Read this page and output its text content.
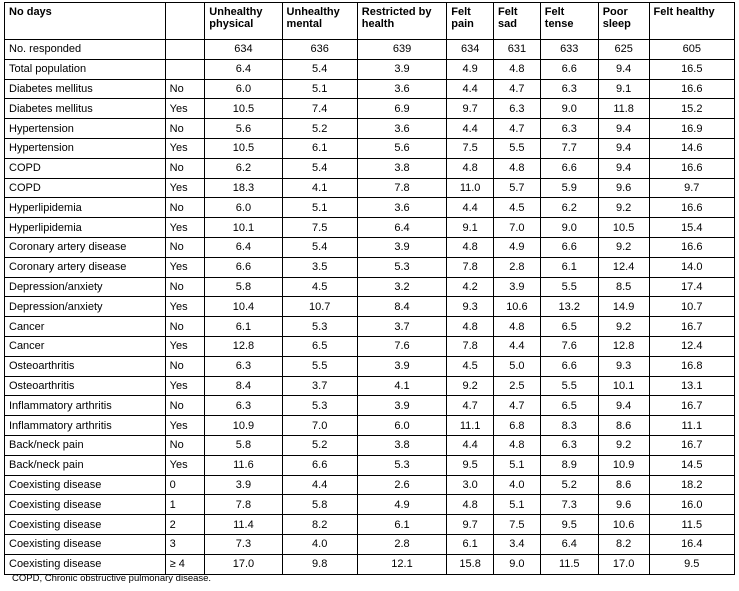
No days		Unhealthy physical	Unhealthy mental	Restricted by health	Felt pain	Felt sad	Felt tense	Poor sleep	Felt healthy
No. responded		634	636	639	634	631	633	625	605
Total population		6.4	5.4	3.9	4.9	4.8	6.6	9.4	16.5
Diabetes mellitus	No	6.0	5.1	3.6	4.4	4.7	6.3	9.1	16.6
Diabetes mellitus	Yes	10.5	7.4	6.9	9.7	6.3	9.0	11.8	15.2
Hypertension	No	5.6	5.2	3.6	4.4	4.7	6.3	9.4	16.9
Hypertension	Yes	10.5	6.1	5.6	7.5	5.5	7.7	9.4	14.6
COPD	No	6.2	5.4	3.8	4.8	4.8	6.6	9.4	16.6
COPD	Yes	18.3	4.1	7.8	11.0	5.7	5.9	9.6	9.7
Hyperlipidemia	No	6.0	5.1	3.6	4.4	4.5	6.2	9.2	16.6
Hyperlipidemia	Yes	10.1	7.5	6.4	9.1	7.0	9.0	10.5	15.4
Coronary artery disease	No	6.4	5.4	3.9	4.8	4.9	6.6	9.2	16.6
Coronary artery disease	Yes	6.6	3.5	5.3	7.8	2.8	6.1	12.4	14.0
Depression/anxiety	No	5.8	4.5	3.2	4.2	3.9	5.5	8.5	17.4
Depression/anxiety	Yes	10.4	10.7	8.4	9.3	10.6	13.2	14.9	10.7
Cancer	No	6.1	5.3	3.7	4.8	4.8	6.5	9.2	16.7
Cancer	Yes	12.8	6.5	7.6	7.8	4.4	7.6	12.8	12.4
Osteoarthritis	No	6.3	5.5	3.9	4.5	5.0	6.6	9.3	16.8
Osteoarthritis	Yes	8.4	3.7	4.1	9.2	2.5	5.5	10.1	13.1
Inflammatory arthritis	No	6.3	5.3	3.9	4.7	4.7	6.5	9.4	16.7
Inflammatory arthritis	Yes	10.9	7.0	6.0	11.1	6.8	8.3	8.6	11.1
Back/neck pain	No	5.8	5.2	3.8	4.4	4.8	6.3	9.2	16.7
Back/neck pain	Yes	11.6	6.6	5.3	9.5	5.1	8.9	10.9	14.5
Coexisting disease	0	3.9	4.4	2.6	3.0	4.0	5.2	8.6	18.2
Coexisting disease	1	7.8	5.8	4.9	4.8	5.1	7.3	9.6	16.0
Coexisting disease	2	11.4	8.2	6.1	9.7	7.5	9.5	10.6	11.5
Coexisting disease	3	7.3	4.0	2.8	6.1	3.4	6.4	8.2	16.4
Coexisting disease	≥ 4	17.0	9.8	12.1	15.8	9.0	11.5	17.0	9.5
COPD, Chronic obstructive pulmonary disease.
